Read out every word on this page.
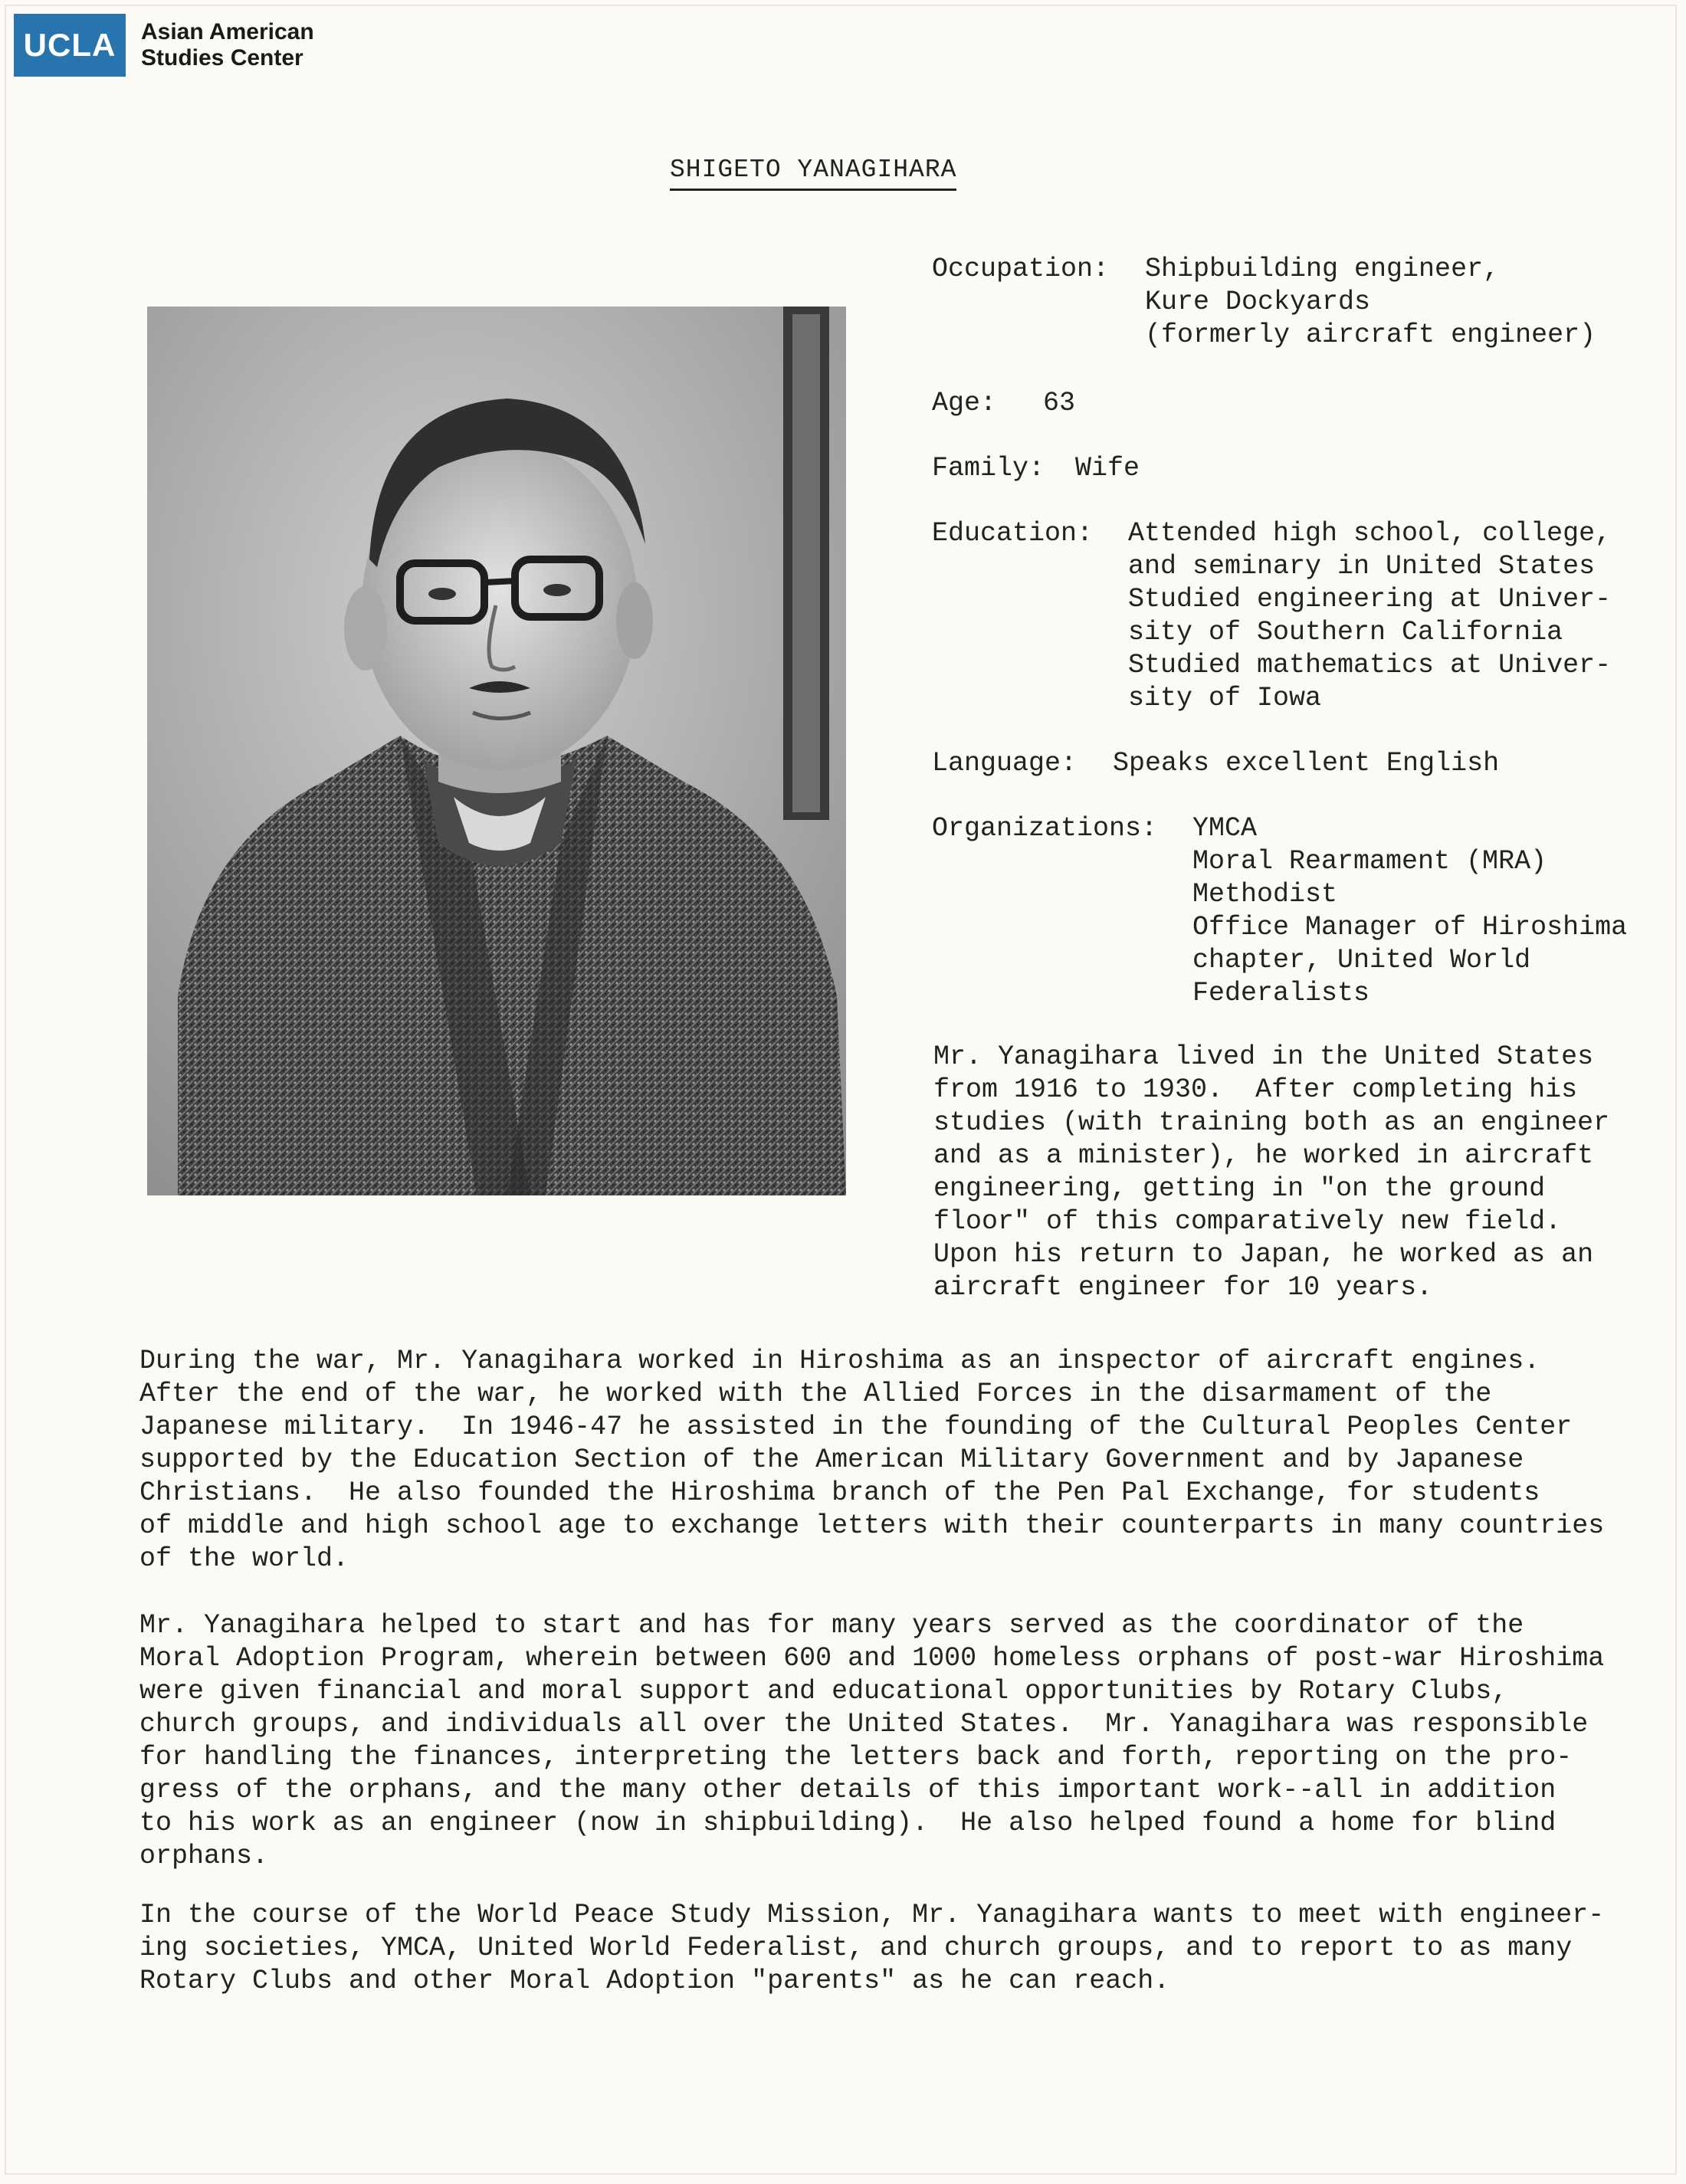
UCLA	Asian American
Studies Center
SHIGETO YANAGIHARA

Occupation:

Shipbuilding engineer,

Kure Dockyards

(formerly aircraft engineer)

Age:

63

Family:

Wife

Education:

Attended high school, college,

and seminary in United States

Studied engineering at Univer-

sity of Southern California

Studied mathematics at Univer-

sity of Iowa

Language:

Speaks excellent English

Organizations:

YMCA

Moral Rearmament (MRA)

Methodist

Office Manager of Hiroshima

chapter, United World

Federalists

Mr. Yanagihara lived in the United States
from 1916 to 1930.  After completing his
studies (with training both as an engineer
and as a minister), he worked in aircraft
engineering, getting in "on the ground
floor" of this comparatively new field.
Upon his return to Japan, he worked as an
aircraft engineer for 10 years.
During the war, Mr. Yanagihara worked in Hiroshima as an inspector of aircraft engines.
After the end of the war, he worked with the Allied Forces in the disarmament of the
Japanese military.  In 1946-47 he assisted in the founding of the Cultural Peoples Center
supported by the Education Section of the American Military Government and by Japanese
Christians.  He also founded the Hiroshima branch of the Pen Pal Exchange, for students
of middle and high school age to exchange letters with their counterparts in many countries
of the world.
Mr. Yanagihara helped to start and has for many years served as the coordinator of the
Moral Adoption Program, wherein between 600 and 1000 homeless orphans of post-war Hiroshima
were given financial and moral support and educational opportunities by Rotary Clubs,
church groups, and individuals all over the United States.  Mr. Yanagihara was responsible
for handling the finances, interpreting the letters back and forth, reporting on the pro-
gress of the orphans, and the many other details of this important work--all in addition
to his work as an engineer (now in shipbuilding).  He also helped found a home for blind
orphans.
In the course of the World Peace Study Mission, Mr. Yanagihara wants to meet with engineer-
ing societies, YMCA, United World Federalist, and church groups, and to report to as many
Rotary Clubs and other Moral Adoption "parents" as he can reach.
